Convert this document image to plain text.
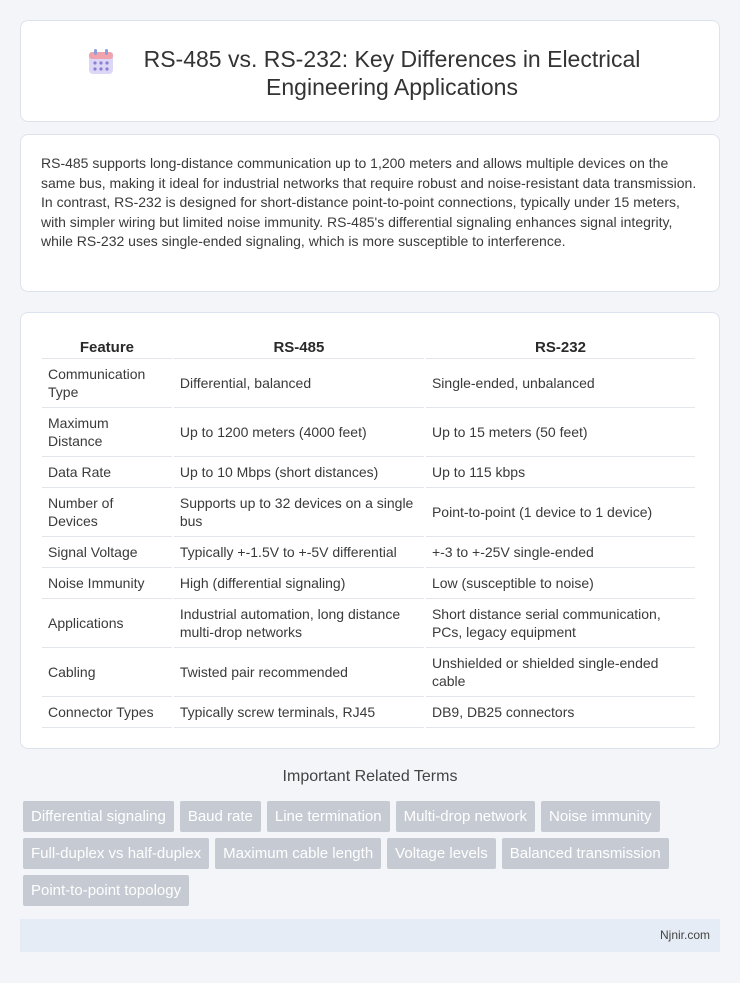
RS-485 vs. RS-232: Key Differences in Electrical Engineering Applications

RS-485 supports long-distance communication up to 1,200 meters and allows multiple devices on the same bus, making it ideal for industrial networks that require robust and noise-resistant data transmission. In contrast, RS-232 is designed for short-distance point-to-point connections, typically under 15 meters, with simpler wiring but limited noise immunity. RS-485's differential signaling enhances signal integrity, while RS-232 uses single-ended signaling, which is more susceptible to interference.

Feature	RS-485	RS-232
Communication Type	Differential, balanced	Single-ended, unbalanced
Maximum Distance	Up to 1200 meters (4000 feet)	Up to 15 meters (50 feet)
Data Rate	Up to 10 Mbps (short distances)	Up to 115 kbps
Number of Devices	Supports up to 32 devices on a single bus	Point-to-point (1 device to 1 device)
Signal Voltage	Typically +-1.5V to +-5V differential	+-3 to +-25V single-ended
Noise Immunity	High (differential signaling)	Low (susceptible to noise)
Applications	Industrial automation, long distance multi-drop networks	Short distance serial communication, PCs, legacy equipment
Cabling	Twisted pair recommended	Unshielded or shielded single-ended cable
Connector Types	Typically screw terminals, RJ45	DB9, DB25 connectors
Important Related Terms
Differential signaling	Baud rate	Line termination	Multi-drop network	Noise immunity
Full-duplex vs half-duplex	Maximum cable length	Voltage levels	Balanced transmission
Point-to-point topology
Njnir.com
